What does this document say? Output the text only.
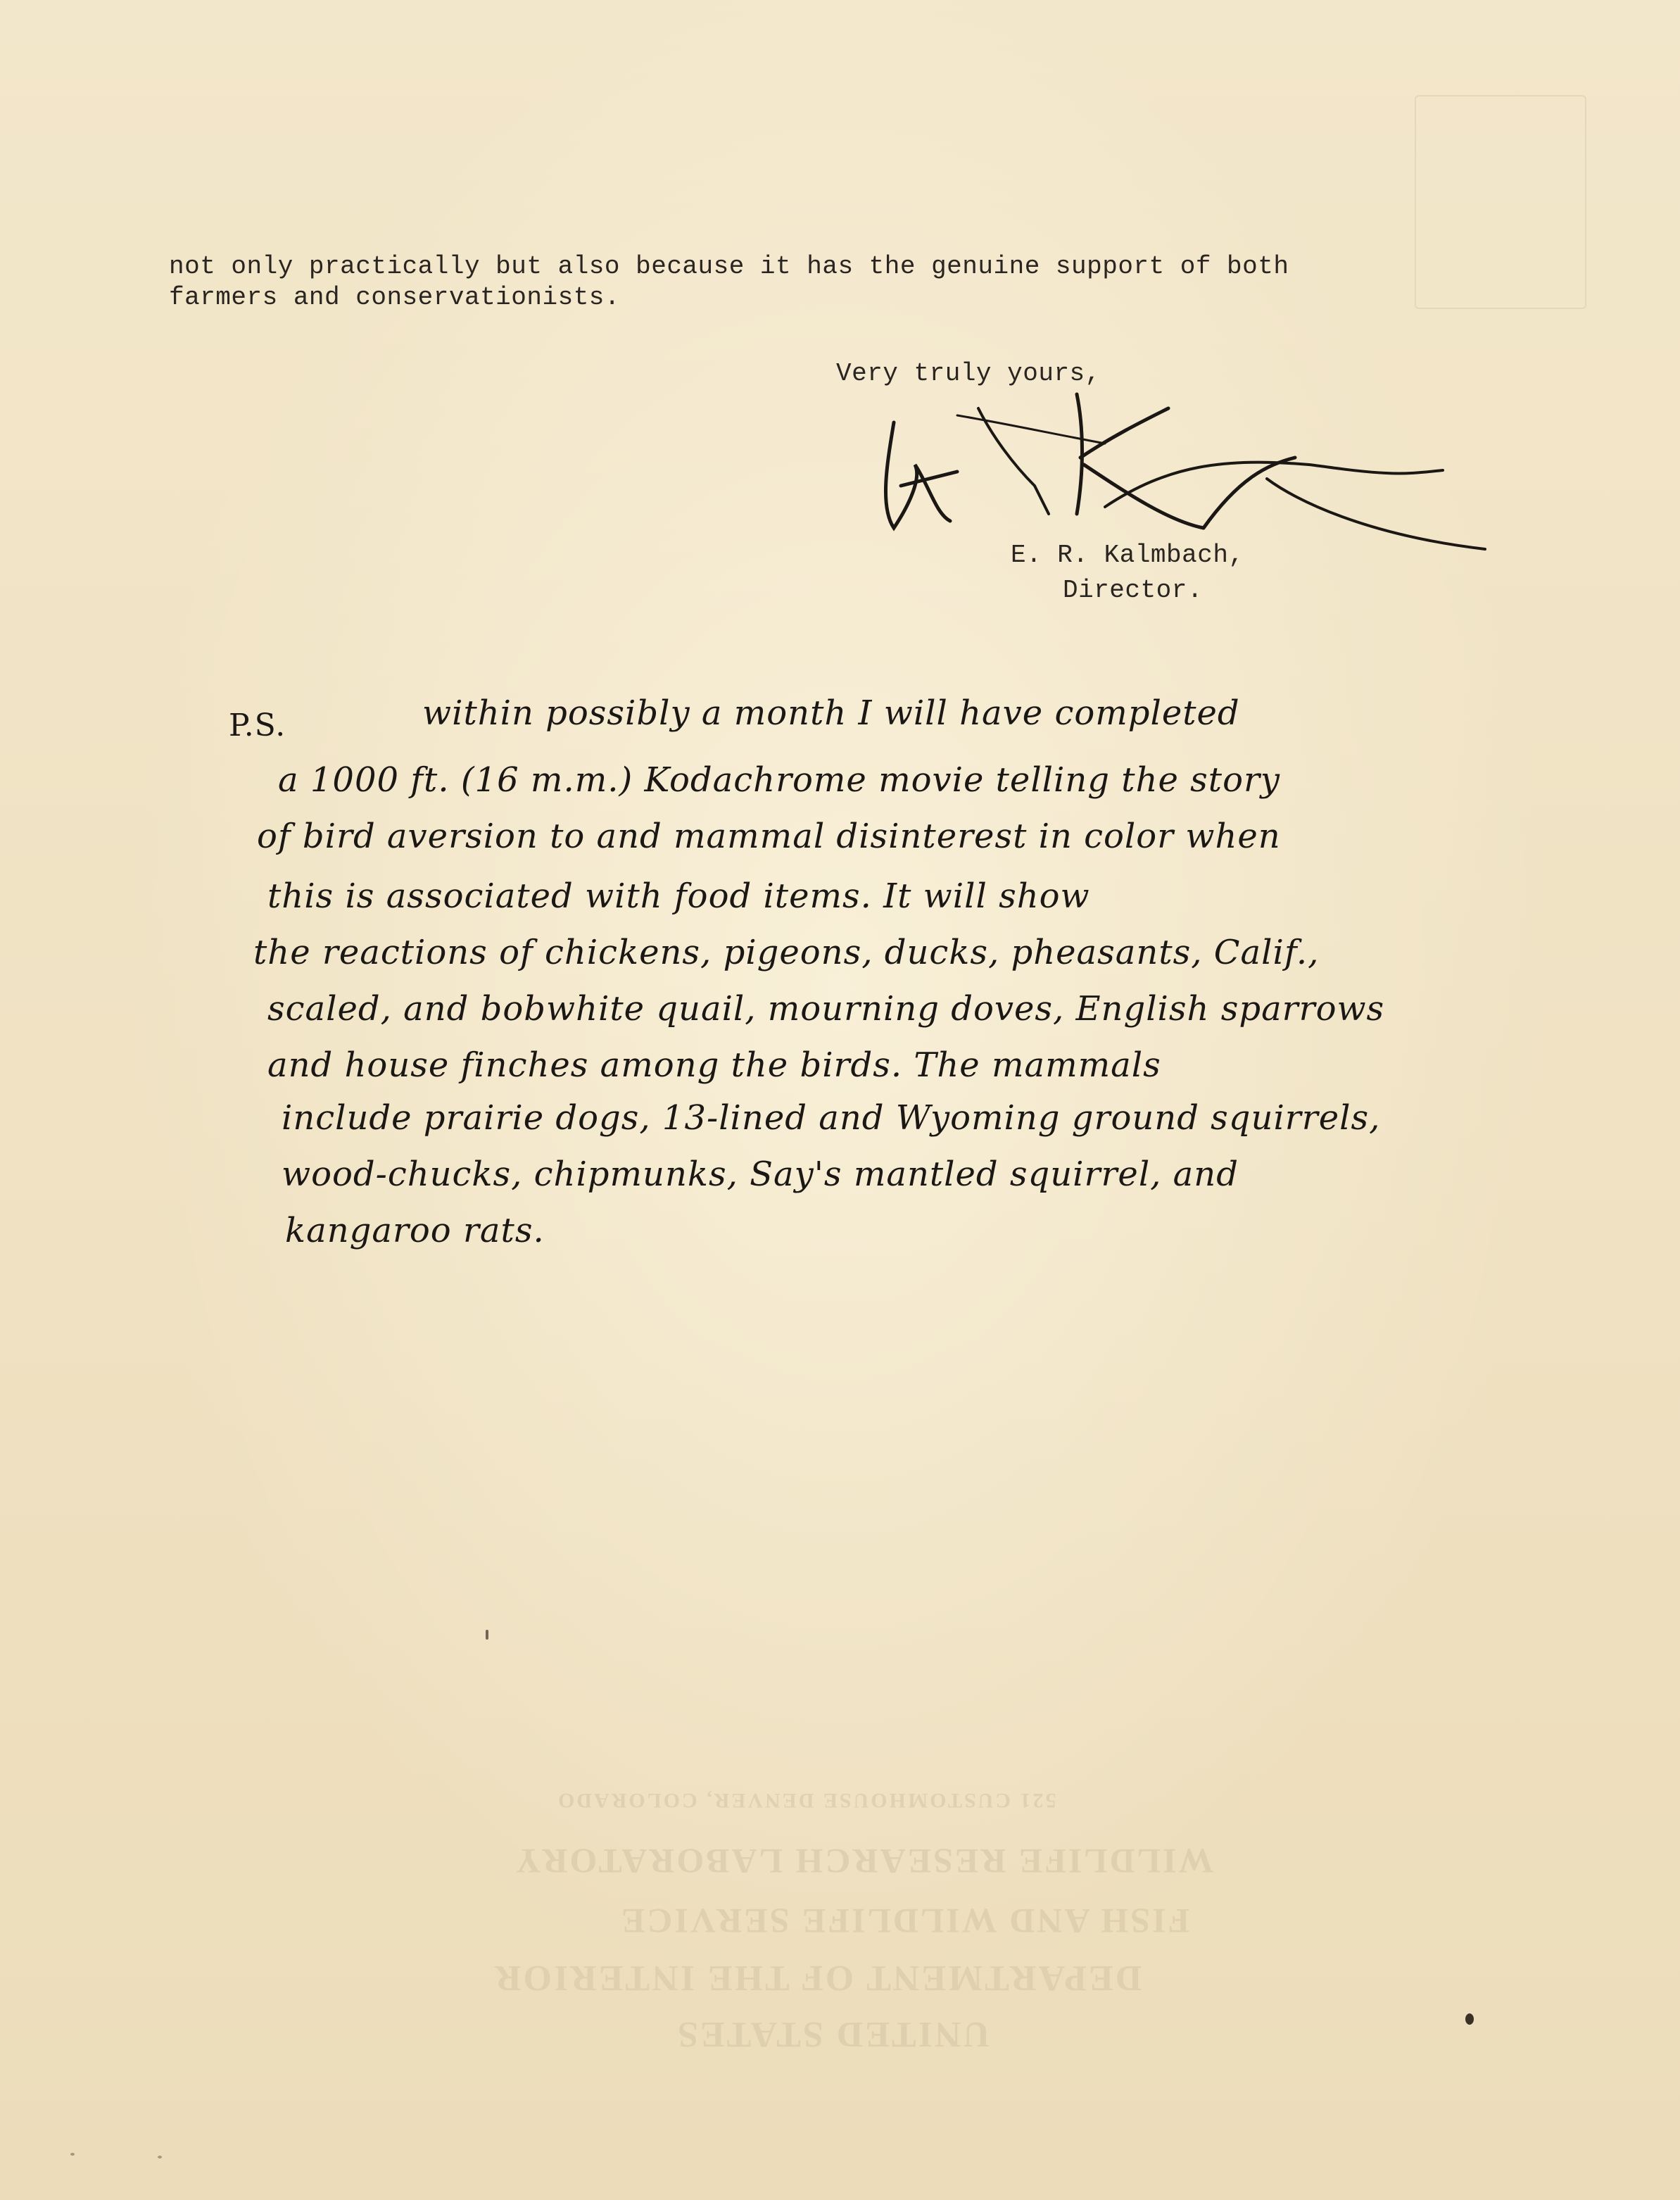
UNITED STATES
DEPARTMENT OF THE INTERIOR
FISH AND WILDLIFE SERVICE
WILDLIFE RESEARCH LABORATORY
521 CUSTOMHOUSE DENVER, COLORADO
not only practically but also because it has the genuine support of both
farmers and conservationists.
Very truly yours,
E. R. Kalmbach,
Director.
P.S.	within possibly a month I will have completed
a 1000 ft. (16 m.m.) Kodachrome movie telling the story
of bird aversion to and mammal disinterest in color when
this is associated with food items. It will show
the reactions of chickens, pigeons, ducks, pheasants, Calif.,
scaled, and bobwhite quail, mourning doves, English sparrows
and house finches among the birds. The mammals
include prairie dogs, 13-lined and Wyoming ground squirrels,
wood-chucks, chipmunks, Say's mantled squirrel, and
kangaroo rats.
